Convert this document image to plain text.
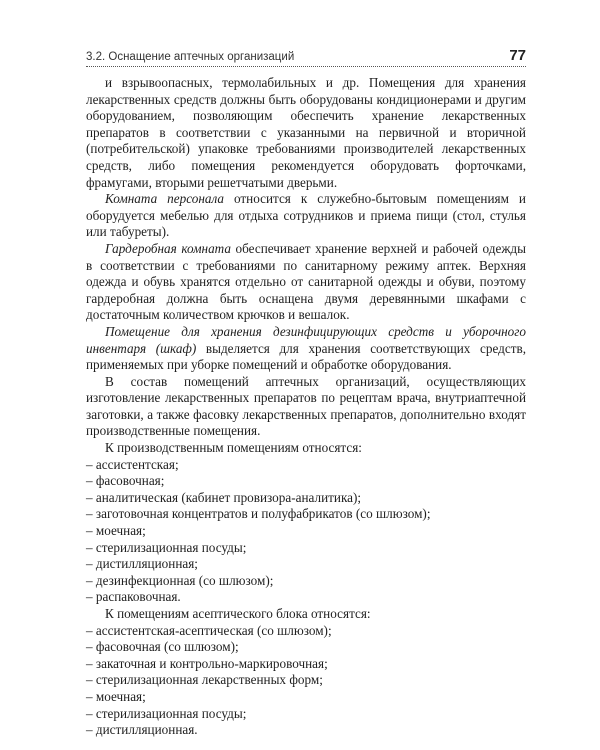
3.2. Оснащение аптечных организаций	77

и взрывоопасных, термолабильных и др. Помещения для хранения лекарственных средств должны быть оборудованы кондиционерами и другим оборудованием, позволяющим обеспечить хранение лекарственных препаратов в соответствии с указанными на первичной и вторичной (потребительской) упаковке требованиями производителей лекарственных средств, либо помещения рекомендуется оборудовать форточками, фрамугами, вторыми решетчатыми дверьми.

Комната персонала относится к служебно-бытовым помещениям и оборудуется мебелью для отдыха сотрудников и приема пищи (стол, стулья или табуреты).

Гардеробная комната обеспечивает хранение верхней и рабочей одежды в соответствии с требованиями по санитарному режиму аптек. Верхняя одежда и обувь хранятся отдельно от санитарной одежды и обуви, поэтому гардеробная должна быть оснащена двумя деревянными шкафами с достаточным количеством крючков и вешалок.

Помещение для хранения дезинфицирующих средств и уборочного инвентаря (шкаф) выделяется для хранения соответствующих средств, применяемых при уборке помещений и обработке оборудования.

В состав помещений аптечных организаций, осуществляющих изготовление лекарственных препаратов по рецептам врача, внутриаптечной заготовки, а также фасовку лекарственных препаратов, дополнительно входят производственные помещения.

К производственным помещениям относятся:

– ассистентская;

– фасовочная;

– аналитическая (кабинет провизора-аналитика);

– заготовочная концентратов и полуфабрикатов (со шлюзом);

– моечная;

– стерилизационная посуды;

– дистилляционная;

– дезинфекционная (со шлюзом);

– распаковочная.

К помещениям асептического блока относятся:

– ассистентская-асептическая (со шлюзом);

– фасовочная (со шлюзом);

– закаточная и контрольно-маркировочная;

– стерилизационная лекарственных форм;

– моечная;

– стерилизационная посуды;

– дистилляционная.
